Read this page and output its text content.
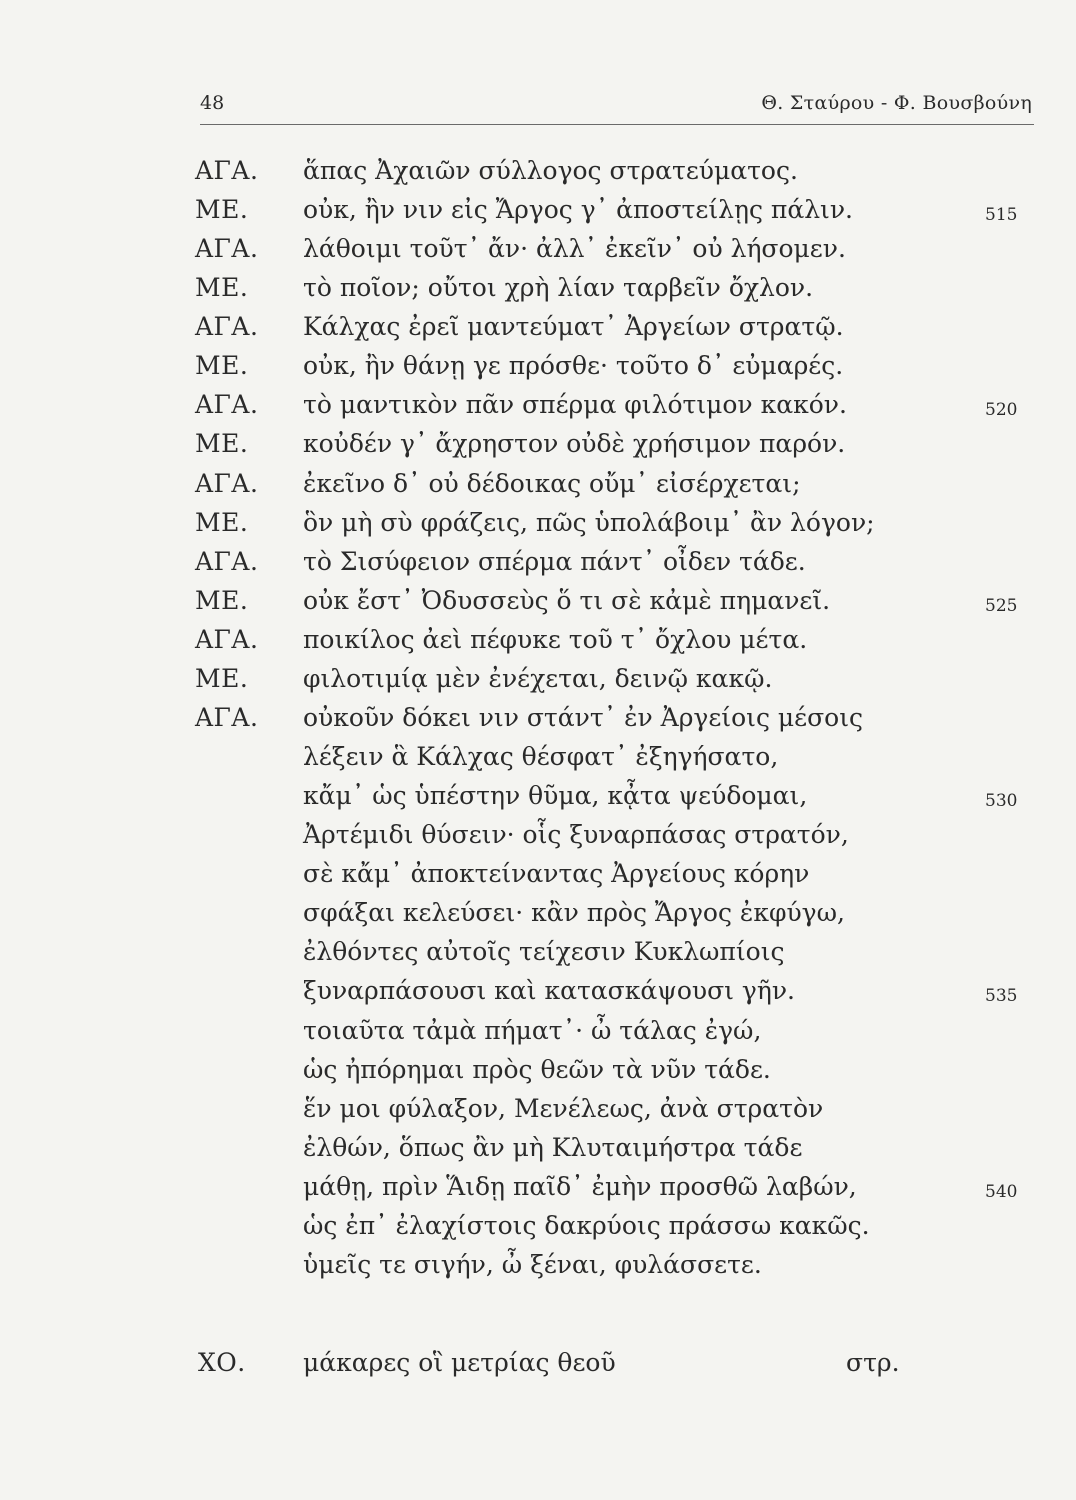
48	Θ. Σταύρου - Φ. Βουσβούνη
ΑΓΑ. ἅπας Ἀχαιῶν σύλλογος στρατεύματος.
ΜΕ. οὐκ, ἢν νιν εἰς Ἄργος γ᾽ ἀποστείλῃς πάλιν.	515
ΑΓΑ. λάθοιμι τοῦτ᾽ ἄν· ἀλλ᾽ ἐκεῖν᾽ οὐ λήσομεν.
ΜΕ. τὸ ποῖον; οὔτοι χρὴ λίαν ταρβεῖν ὄχλον.
ΑΓΑ. Κάλχας ἐρεῖ μαντεύματ᾽ Ἀργείων στρατῷ.
ΜΕ. οὐκ, ἢν θάνῃ γε πρόσθε· τοῦτο δ᾽ εὐμαρές.
ΑΓΑ. τὸ μαντικὸν πᾶν σπέρμα φιλότιμον κακόν.	520
ΜΕ. κοὐδέν γ᾽ ἄχρηστον οὐδὲ χρήσιμον παρόν.
ΑΓΑ. ἐκεῖνο δ᾽ οὐ δέδοικας οὔμ᾽ εἰσέρχεται;
ΜΕ. ὃν μὴ σὺ φράζεις, πῶς ὑπολάβοιμ᾽ ἂν λόγον;
ΑΓΑ. τὸ Σισύφειον σπέρμα πάντ᾽ οἶδεν τάδε.
ΜΕ. οὐκ ἔστ᾽ Ὀδυσσεὺς ὅ τι σὲ κἀμὲ πημανεῖ.	525
ΑΓΑ. ποικίλος ἀεὶ πέφυκε τοῦ τ᾽ ὄχλου μέτα.
ΜΕ. φιλοτιμίᾳ μὲν ἐνέχεται, δεινῷ κακῷ.
ΑΓΑ. οὐκοῦν δόκει νιν στάντ᾽ ἐν Ἀργείοις μέσοις
λέξειν ἃ Κάλχας θέσφατ᾽ ἐξηγήσατο,
κἄμ᾽ ὡς ὑπέστην θῦμα, κᾆτα ψεύδομαι,	530
Ἀρτέμιδι θύσειν· οἷς ξυναρπάσας στρατόν,
σὲ κἄμ᾽ ἀποκτείναντας Ἀργείους κόρην
σφάξαι κελεύσει· κἂν πρὸς Ἄργος ἐκφύγω,
ἐλθόντες αὐτοῖς τείχεσιν Κυκλωπίοις
ξυναρπάσουσι καὶ κατασκάψουσι γῆν.	535
τοιαῦτα τἀμὰ πήματ᾽· ὦ τάλας ἐγώ,
ὡς ἠπόρημαι πρὸς θεῶν τὰ νῦν τάδε.
ἕν μοι φύλαξον, Μενέλεως, ἀνὰ στρατὸν
ἐλθών, ὅπως ἂν μὴ Κλυταιμήστρα τάδε
μάθῃ, πρὶν Ἅιδῃ παῖδ᾽ ἐμὴν προσθῶ λαβών,	540
ὡς ἐπ᾽ ἐλαχίστοις δακρύοις πράσσω κακῶς.
ὑμεῖς τε σιγήν, ὦ ξέναι, φυλάσσετε.
ΧΟ. μάκαρες οἳ μετρίας θεοῦ	στρ.
